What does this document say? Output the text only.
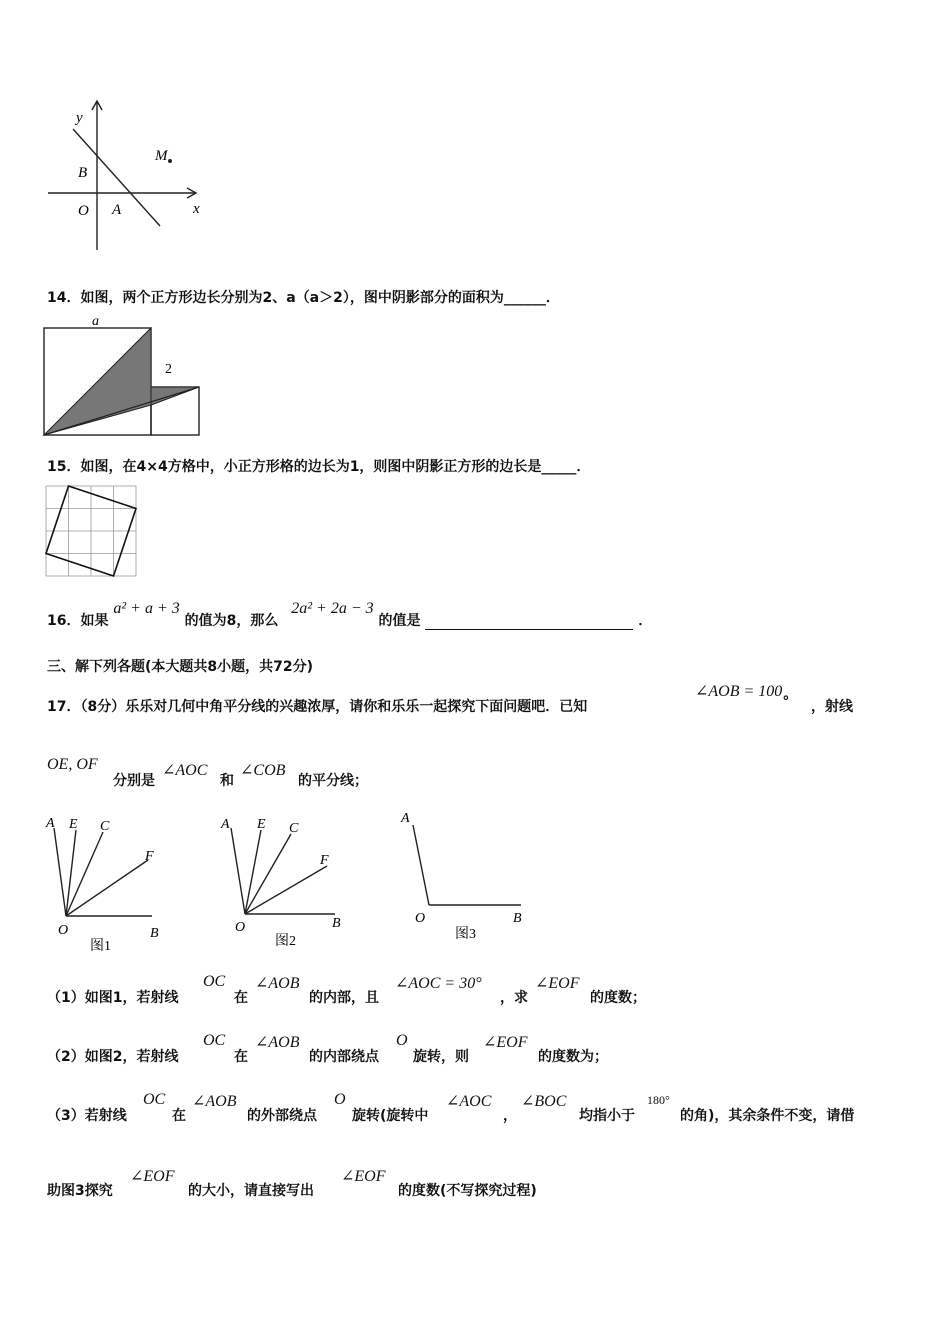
y
x
O A
B
M
14．如图，两个正方形边长分别为2、a（a＞2），图中阴影部分的面积为______．
a
2
15．如图，在4×4方格中，小正方形格的边长为1，则图中阴影正方形的边长是_____．
16．如果 a² + a + 3 的值为8，那么 2a² + 2a − 3 的值是	．
三、解下列各题(本大题共8小题，共72分)
17．（8分）乐乐对几何中角平分线的兴趣浓厚，请你和乐乐一起探究下面问题吧．已知
∠AOB = 100° ，射线
OE, OF
分别是
∠AOC
和
∠COB
的平分线；
A E C
F
O	B
图1
A E C
F
O	B
图2
A
O	B
图3
（1）如图1，若射线
OC
在
∠AOB
的内部，且
∠AOC = 30°
，求
∠EOF
的度数；
（2）如图2，若射线
OC
在
∠AOB
的内部绕点
O
旋转，则
∠EOF
的度数为；
（3）若射线
OC
在
∠AOB
的外部绕点
O
旋转(旋转中
∠AOC
，
∠BOC
均指小于
180°
的角)，其余条件不变，请借
助图3探究
∠EOF
的大小，请直接写出
∠EOF
的度数(不写探究过程)
